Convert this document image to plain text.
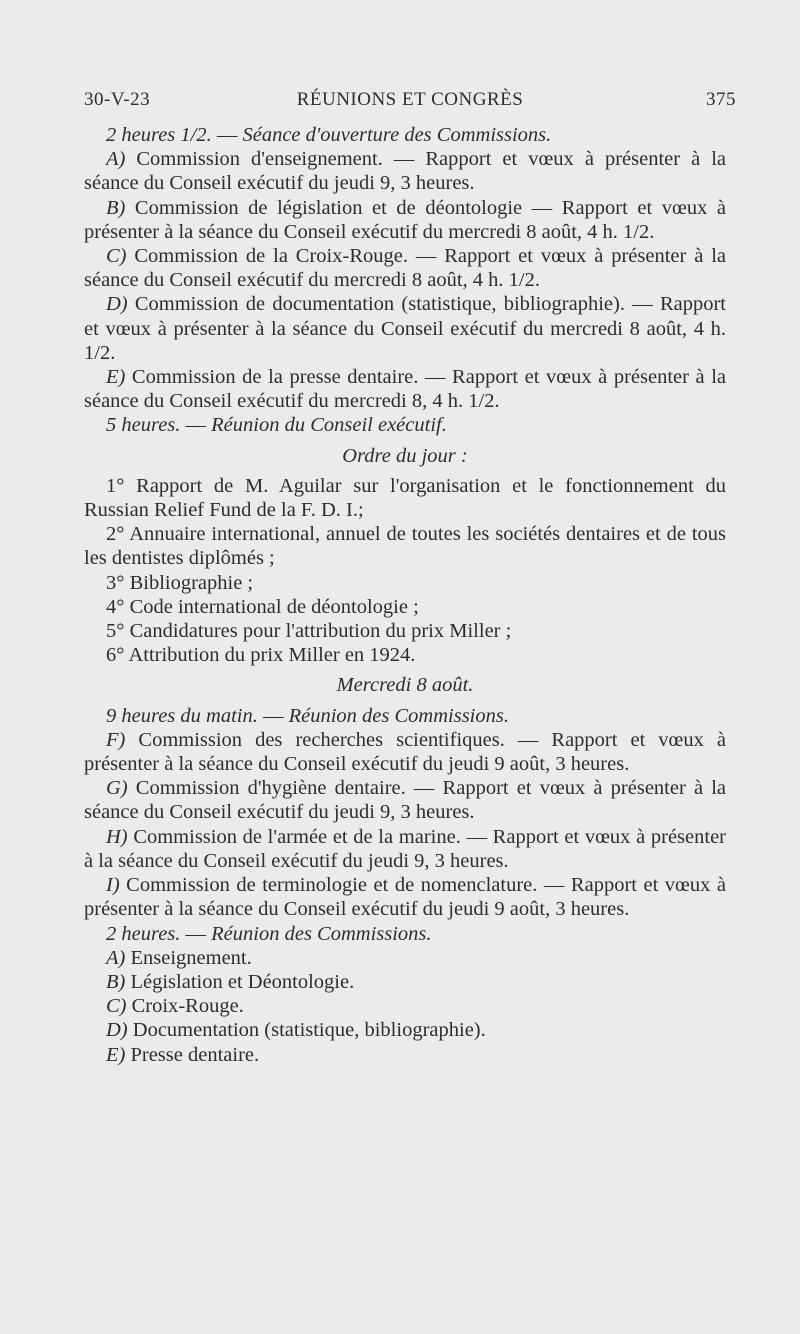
30-V-23	RÉUNIONS ET CONGRÈS	375

2 heures 1/2. — Séance d'ouverture des Commissions.

A) Commission d'enseignement. — Rapport et vœux à présenter à la séance du Conseil exécutif du jeudi 9, 3 heures.

B) Commission de législation et de déontologie — Rapport et vœux à présenter à la séance du Conseil exécutif du mercredi 8 août, 4 h. 1/2.

C) Commission de la Croix-Rouge. — Rapport et vœux à présenter à la séance du Conseil exécutif du mercredi 8 août, 4 h. 1/2.

D) Commission de documentation (statistique, bibliographie). — Rapport et vœux à présenter à la séance du Conseil exécutif du mercredi 8 août, 4 h. 1/2.

E) Commission de la presse dentaire. — Rapport et vœux à présenter à la séance du Conseil exécutif du mercredi 8, 4 h. 1/2.

5 heures. — Réunion du Conseil exécutif.

Ordre du jour :

1° Rapport de M. Aguilar sur l'organisation et le fonctionnement du Russian Relief Fund de la F. D. I.;

2° Annuaire international, annuel de toutes les sociétés dentaires et de tous les dentistes diplômés ;

3° Bibliographie ;

4° Code international de déontologie ;

5° Candidatures pour l'attribution du prix Miller ;

6° Attribution du prix Miller en 1924.

Mercredi 8 août.

9 heures du matin. — Réunion des Commissions.

F) Commission des recherches scientifiques. — Rapport et vœux à présenter à la séance du Conseil exécutif du jeudi 9 août, 3 heures.

G) Commission d'hygiène dentaire. — Rapport et vœux à présenter à la séance du Conseil exécutif du jeudi 9, 3 heures.

H) Commission de l'armée et de la marine. — Rapport et vœux à présenter à la séance du Conseil exécutif du jeudi 9, 3 heures.

I) Commission de terminologie et de nomenclature. — Rapport et vœux à présenter à la séance du Conseil exécutif du jeudi 9 août, 3 heures.

2 heures. — Réunion des Commissions.

A) Enseignement.

B) Législation et Déontologie.

C) Croix-Rouge.

D) Documentation (statistique, bibliographie).

E) Presse dentaire.
